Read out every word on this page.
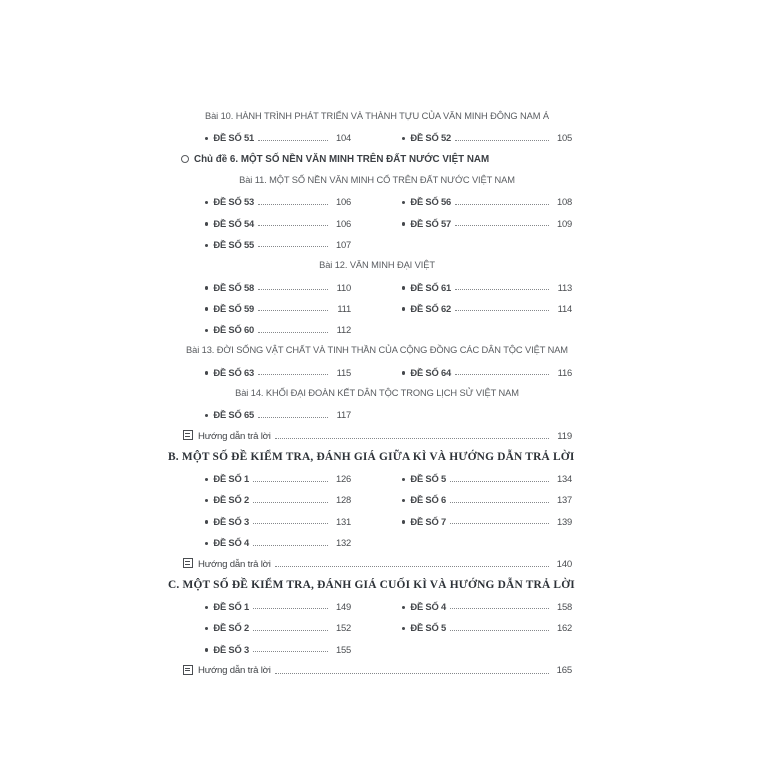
Bài 10. HÀNH TRÌNH PHÁT TRIỂN VÀ THÀNH TỰU CỦA VĂN MINH ĐÔNG NAM Á
ĐỀ SỐ 51	104	ĐỀ SỐ 52	105
Chủ đề 6. MỘT SỐ NỀN VĂN MINH TRÊN ĐẤT NƯỚC VIỆT NAM
Bài 11. MỘT SỐ NỀN VĂN MINH CỔ TRÊN ĐẤT NƯỚC VIỆT NAM
ĐỀ SỐ 53	106	ĐỀ SỐ 56	108
ĐỀ SỐ 54	106	ĐỀ SỐ 57	109
ĐỀ SỐ 55	107
Bài 12. VĂN MINH ĐẠI VIỆT
ĐỀ SỐ 58	110	ĐỀ SỐ 61	113
ĐỀ SỐ 59	111	ĐỀ SỐ 62	114
ĐỀ SỐ 60	112
Bài 13. ĐỜI SỐNG VẬT CHẤT VÀ TINH THẦN CỦA CỘNG ĐỒNG CÁC DÂN TỘC VIỆT NAM
ĐỀ SỐ 63	115	ĐỀ SỐ 64	116
Bài 14. KHỐI ĐẠI ĐOÀN KẾT DÂN TỘC TRONG LỊCH SỬ VIỆT NAM
ĐỀ SỐ 65	117
Hướng dẫn trả lời	119
B. MỘT SỐ ĐỀ KIỂM TRA, ĐÁNH GIÁ GIỮA KÌ VÀ HƯỚNG DẪN TRẢ LỜI
ĐỀ SỐ 1	126	ĐỀ SỐ 5	134
ĐỀ SỐ 2	128	ĐỀ SỐ 6	137
ĐỀ SỐ 3	131	ĐỀ SỐ 7	139
ĐỀ SỐ 4	132
Hướng dẫn trả lời	140
C. MỘT SỐ ĐỀ KIỂM TRA, ĐÁNH GIÁ CUỐI KÌ VÀ HƯỚNG DẪN TRẢ LỜI
ĐỀ SỐ 1	149	ĐỀ SỐ 4	158
ĐỀ SỐ 2	152	ĐỀ SỐ 5	162
ĐỀ SỐ 3	155
Hướng dẫn trả lời	165
